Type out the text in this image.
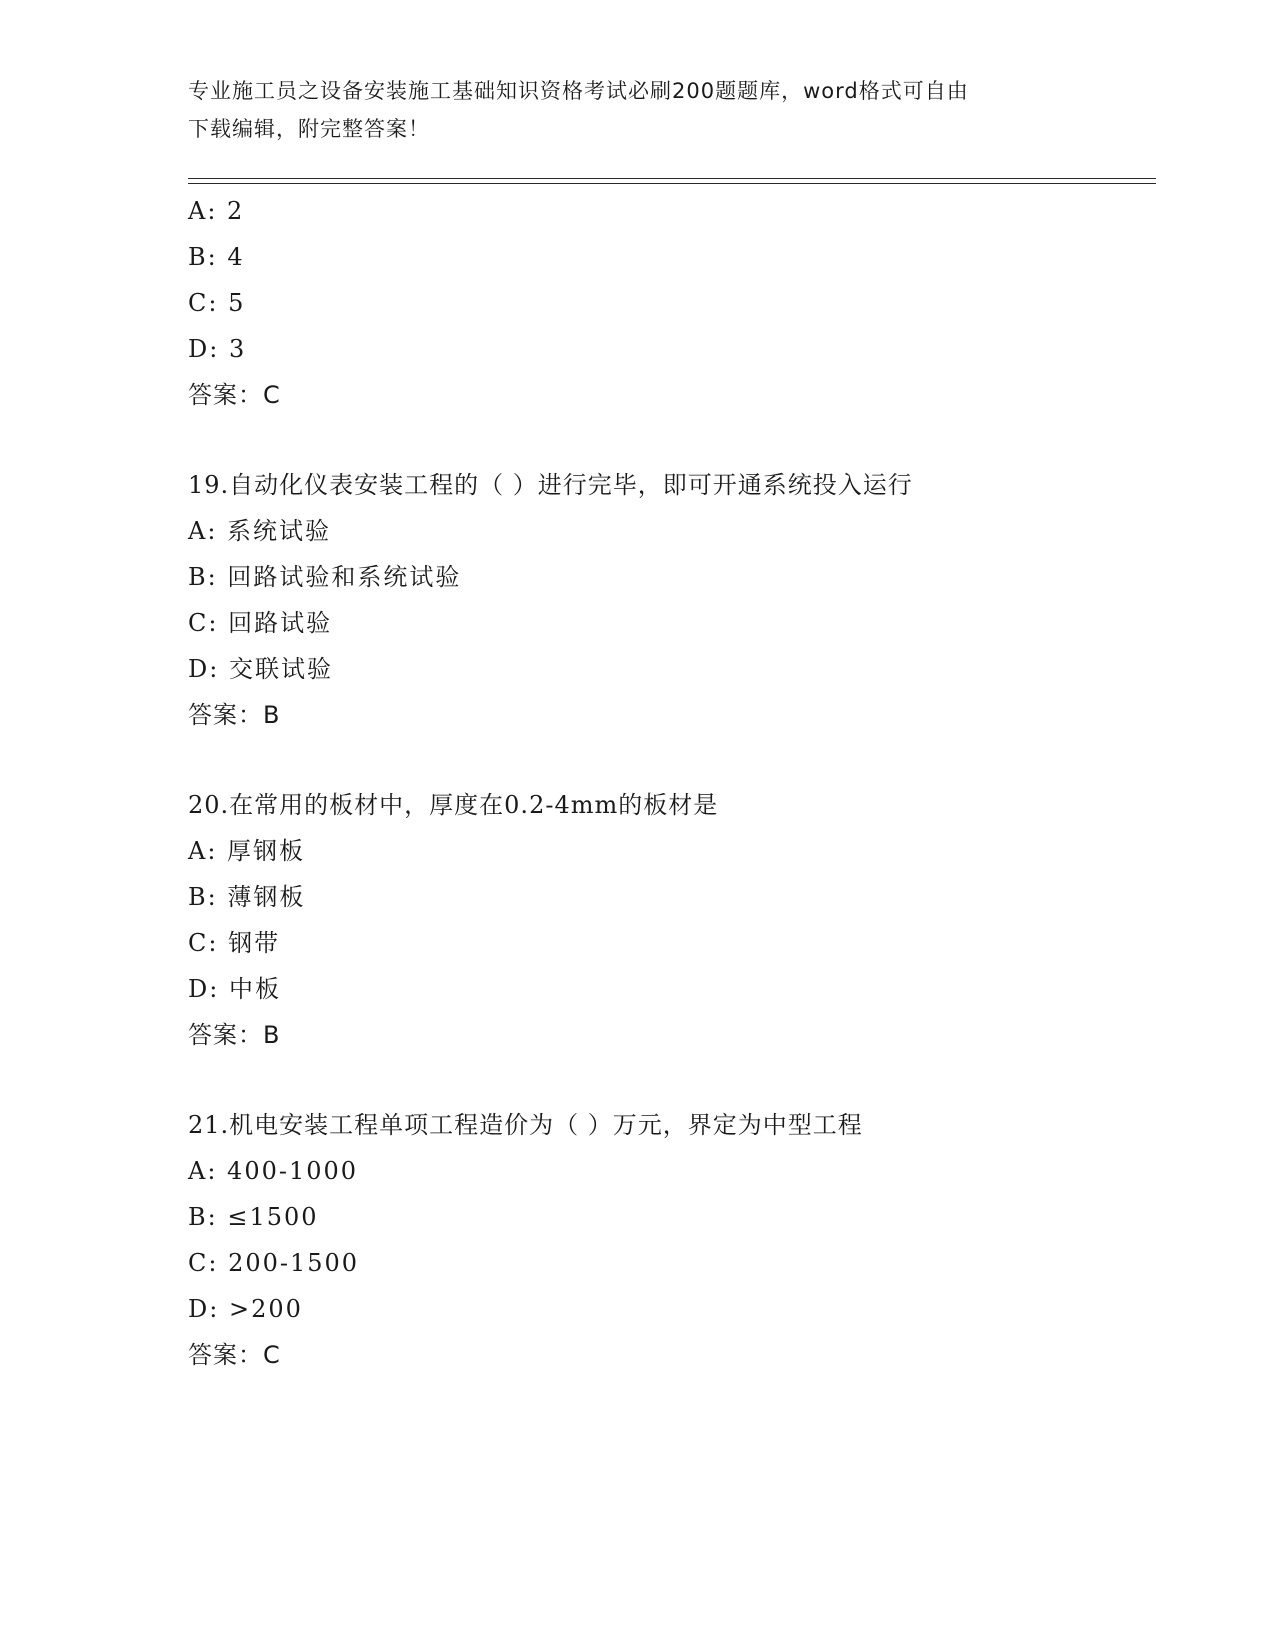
专业施工员之设备安装施工基础知识资格考试必刷200题题库，word格式可自由
下载编辑，附完整答案！
A: 2
B: 4
C: 5
D: 3
答案：C
19.自动化仪表安装工程的（ ）进行完毕，即可开通系统投入运行
A: 系统试验
B: 回路试验和系统试验
C: 回路试验
D: 交联试验
答案：B
20.在常用的板材中，厚度在0.2-4mm的板材是
A: 厚钢板
B: 薄钢板
C: 钢带
D: 中板
答案：B
21.机电安装工程单项工程造价为（ ）万元，界定为中型工程
A: 400-1000
B: ≤1500
C: 200-1500
D: >200
答案：C
